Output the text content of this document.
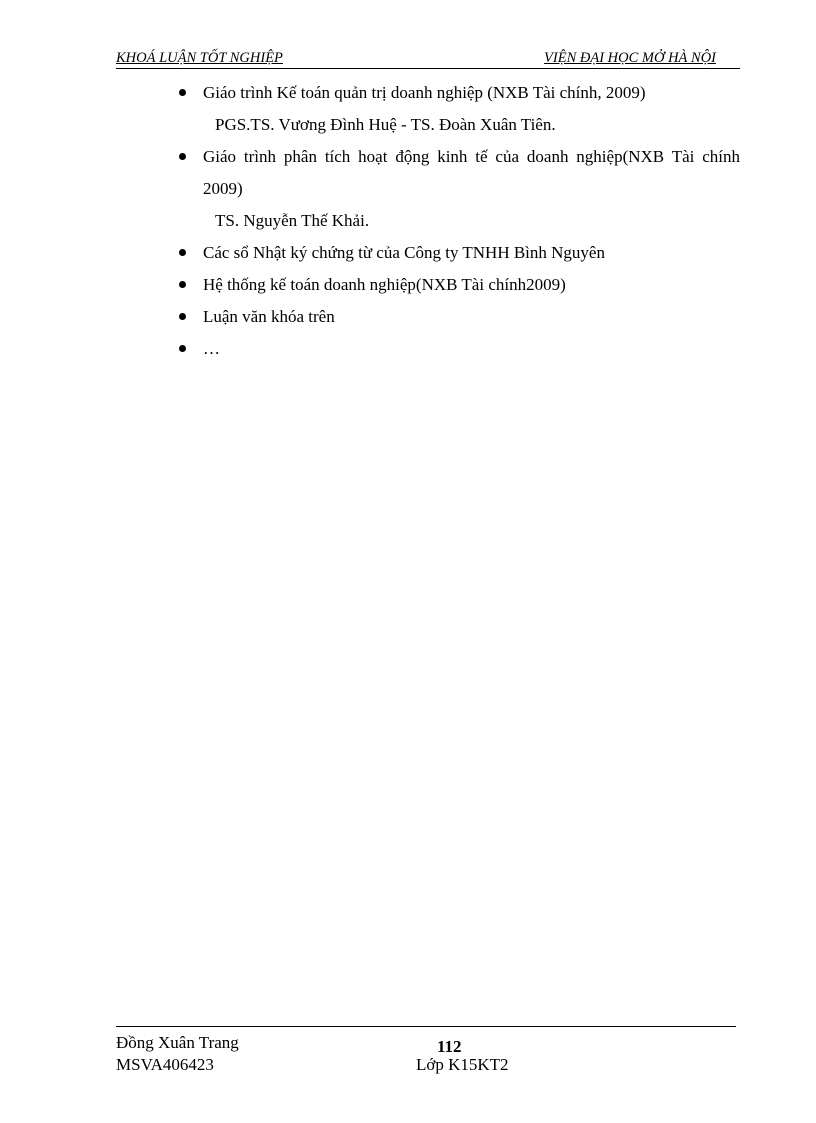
KHOÁ LUẬN TỐT NGHIỆP	VIỆN ĐẠI HỌC MỞ HÀ NỘI
Giáo trình Kế toán quản trị doanh nghiệp (NXB Tài chính, 2009)
PGS.TS. Vương Đình Huệ - TS. Đoàn Xuân Tiên.
Giáo trình phân tích hoạt động kinh tế của doanh nghiệp(NXB Tài chính 2009)
TS. Nguyễn Thế Khải.
Các sổ Nhật ký chứng từ của Công ty TNHH Bình Nguyên
Hệ thống kế toán doanh nghiệp(NXB Tài chính2009)
Luận văn khóa trên
…
Đồng Xuân Trang	112
MSVA406423	Lớp K15KT2
